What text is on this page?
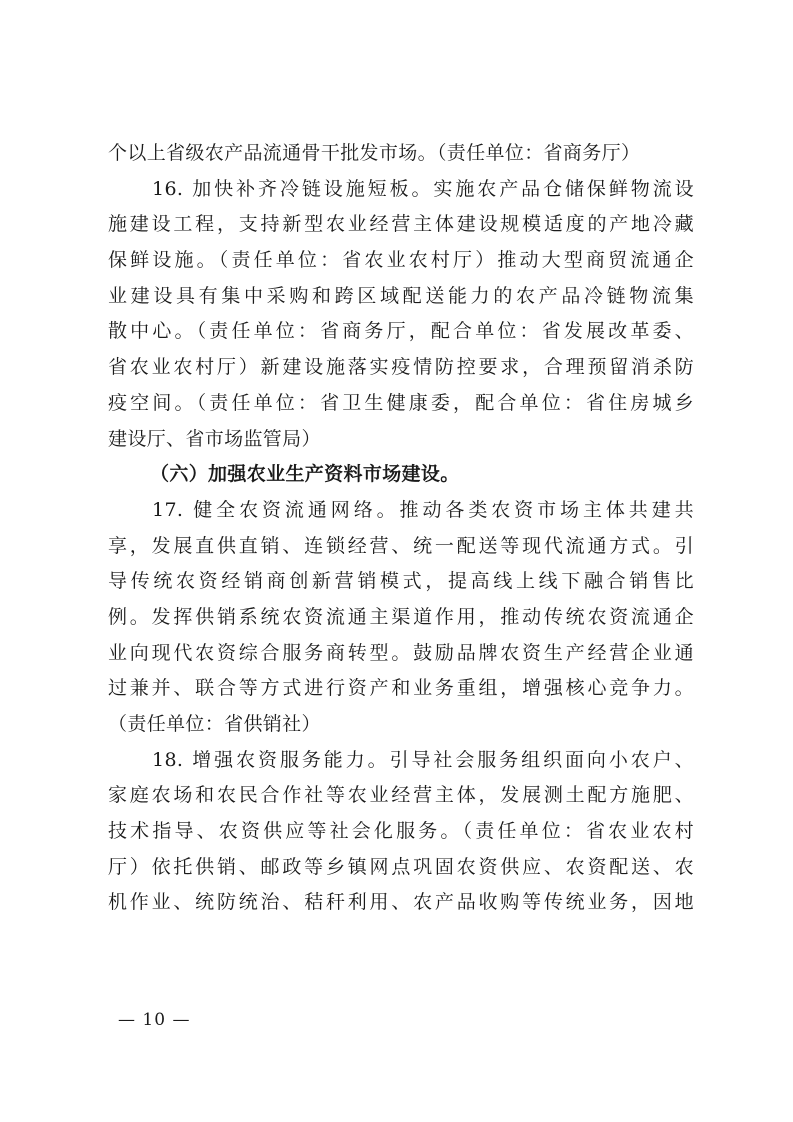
个以上省级农产品流通骨干批发市场。（责任单位：省商务厅）
16. 加快补齐冷链设施短板。实施农产品仓储保鲜物流设
施建设工程，支持新型农业经营主体建设规模适度的产地冷藏
保鲜设施。（责任单位：省农业农村厅）推动大型商贸流通企
业建设具有集中采购和跨区域配送能力的农产品冷链物流集
散中心。（责任单位：省商务厅，配合单位：省发展改革委、
省农业农村厅）新建设施落实疫情防控要求，合理预留消杀防
疫空间。（责任单位：省卫生健康委，配合单位：省住房城乡
建设厅、省市场监管局）
（六）加强农业生产资料市场建设。
17. 健全农资流通网络。推动各类农资市场主体共建共
享，发展直供直销、连锁经营、统一配送等现代流通方式。引
导传统农资经销商创新营销模式，提高线上线下融合销售比
例。发挥供销系统农资流通主渠道作用，推动传统农资流通企
业向现代农资综合服务商转型。鼓励品牌农资生产经营企业通
过兼并、联合等方式进行资产和业务重组，增强核心竞争力。
（责任单位：省供销社）
18. 增强农资服务能力。引导社会服务组织面向小农户、
家庭农场和农民合作社等农业经营主体，发展测土配方施肥、
技术指导、农资供应等社会化服务。（责任单位：省农业农村
厅）依托供销、邮政等乡镇网点巩固农资供应、农资配送、农
机作业、统防统治、秸秆利用、农产品收购等传统业务，因地
— 10 —
